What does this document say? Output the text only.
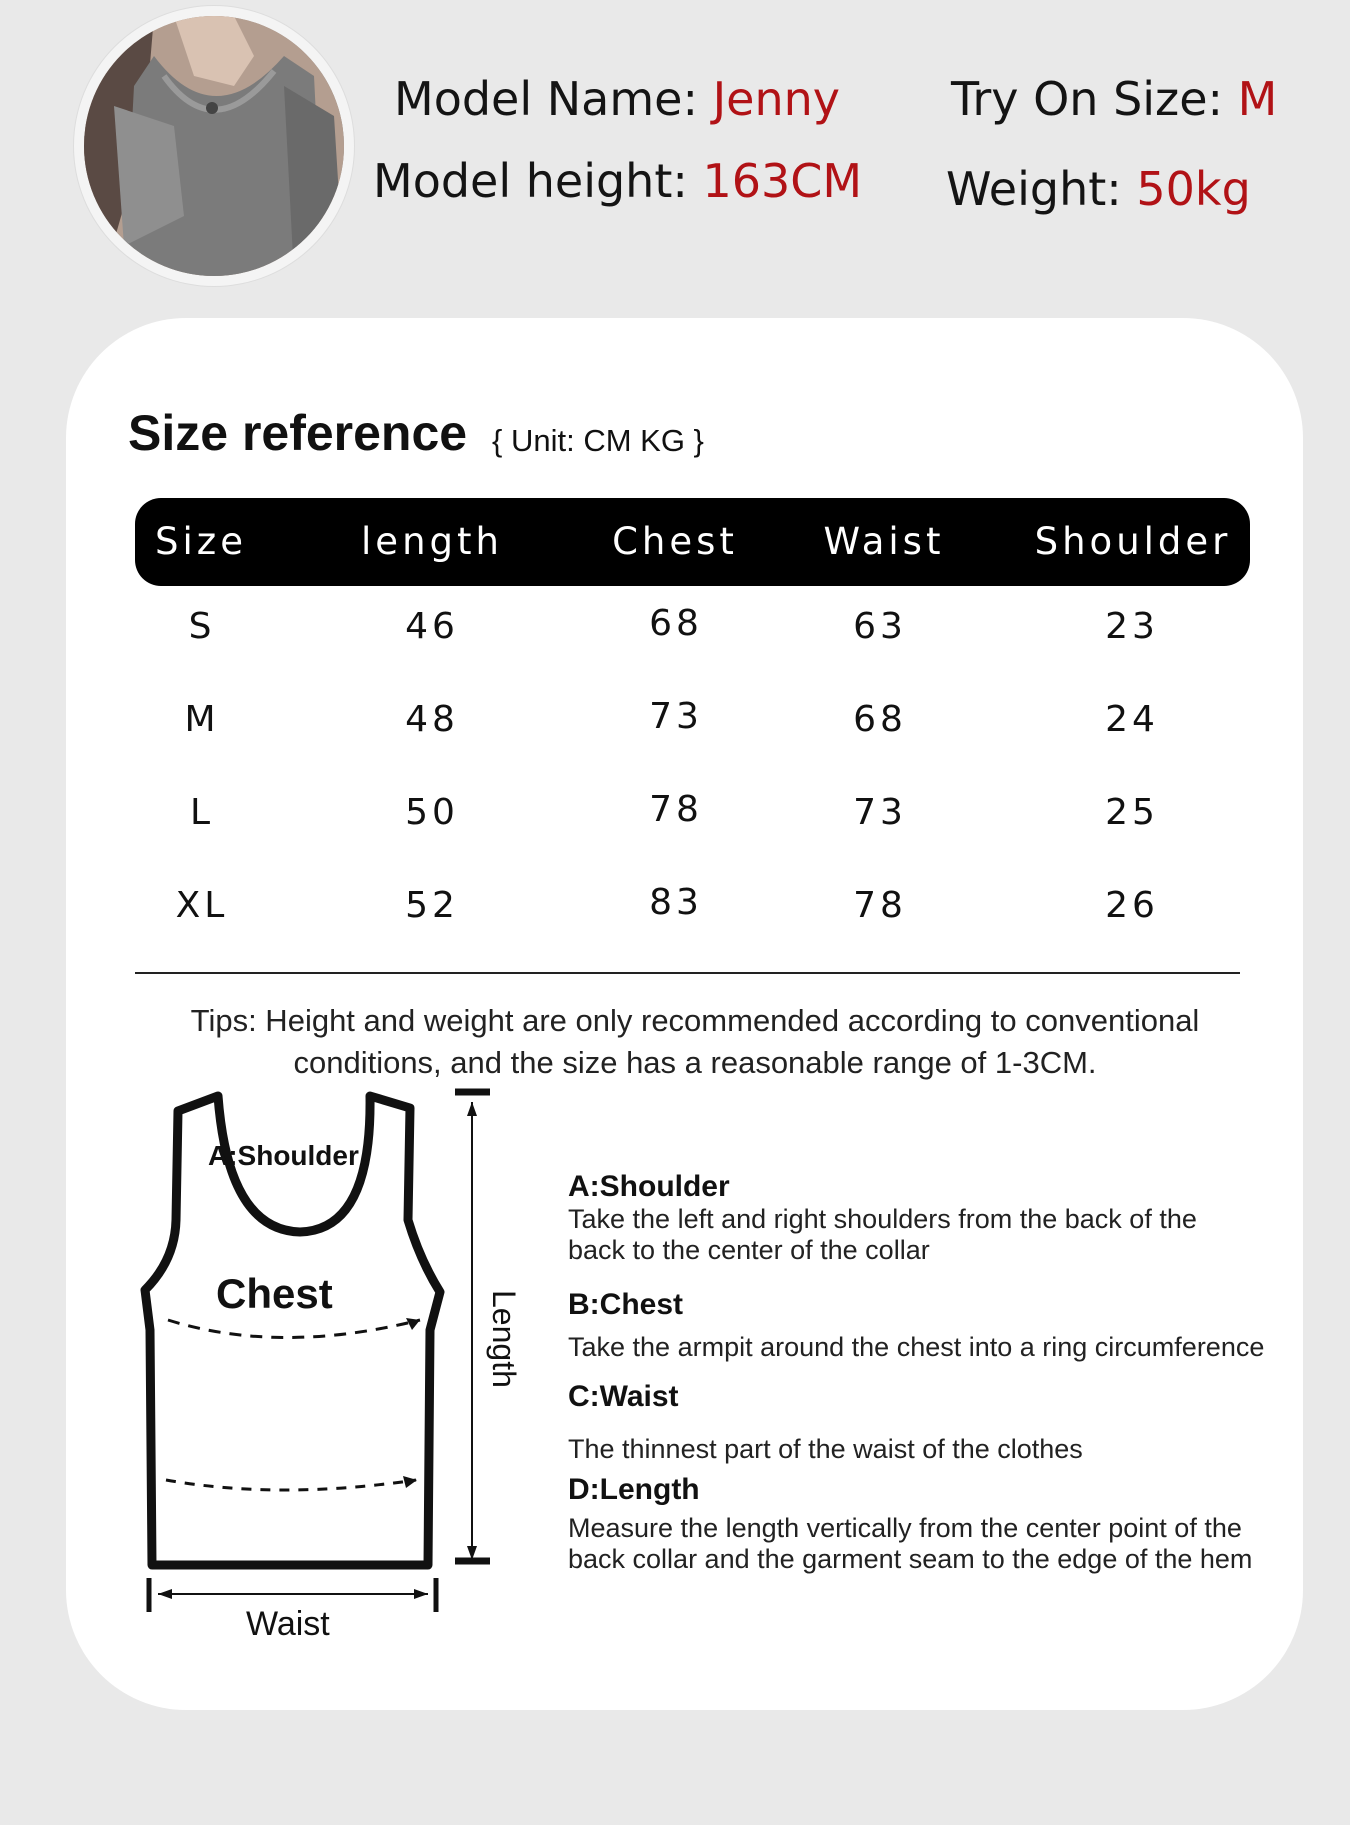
Model Name: Jenny
Model height: 163CM
Try On Size: M
Weight: 50kg
Size reference { Unit: CM KG }
Size	length	Chest Waist Shoulder
S	46	68	63	23
M	48	73	68	24
L	50	78	73	25
XL	52	83	78	26
Tips: Height and weight are only recommended according to conventional conditions, and the size has a reasonable range of 1-3CM.
A:Shoulder
Chest	Length
Waist
A:Shoulder
Take the left and right shoulders from the back of the back to the center of the collar
B:Chest
Take the armpit around the chest into a ring circumference
C:Waist
The thinnest part of the waist of the clothes
D:Length
Measure the length vertically from the center point of the back collar and the garment seam to the edge of the hem
